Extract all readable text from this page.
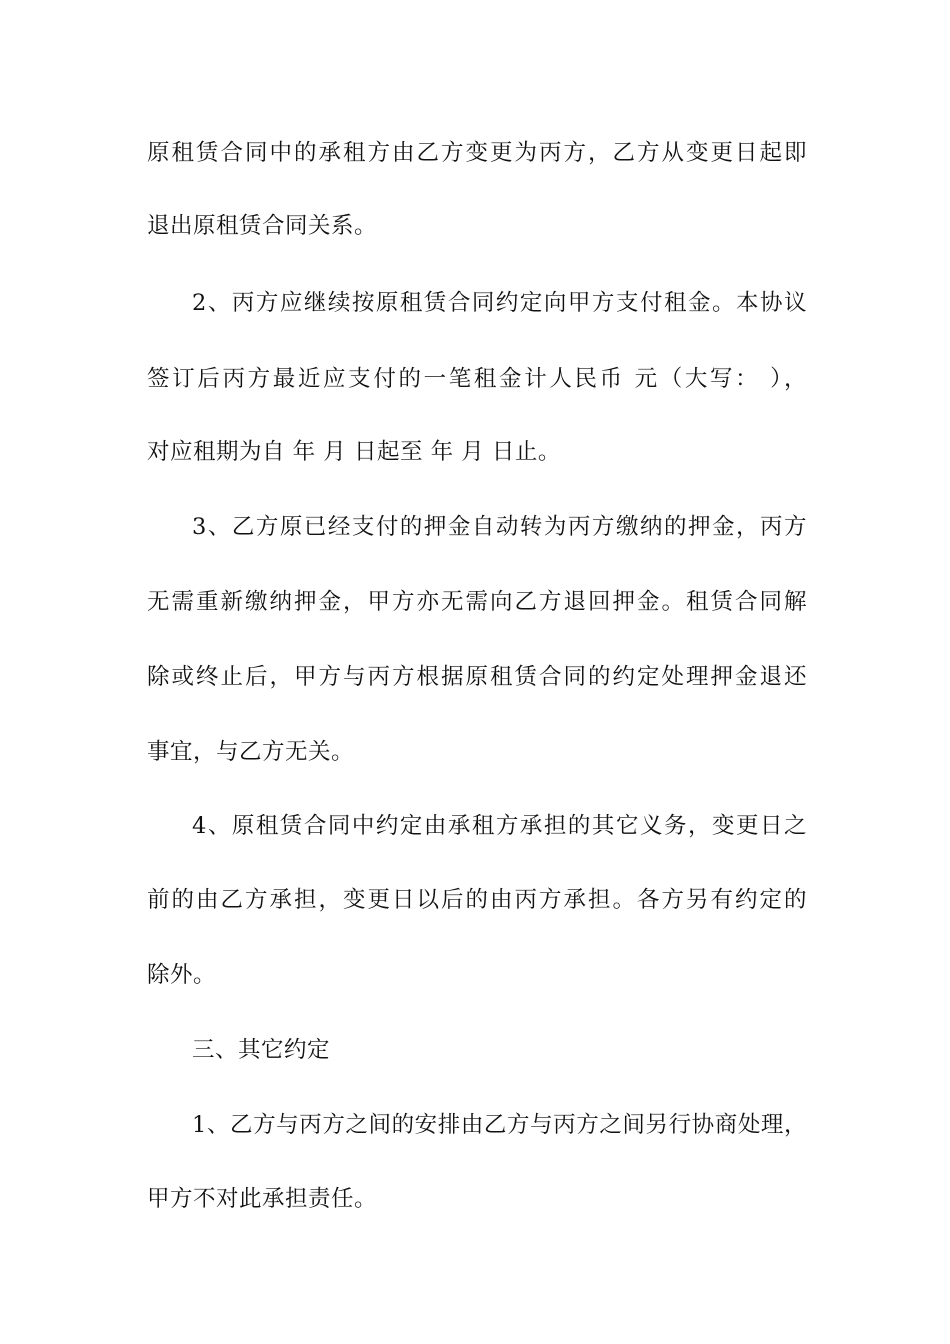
原租赁合同中的承租方由乙方变更为丙方，乙方从变更日起即
退出原租赁合同关系。
2、丙方应继续按原租赁合同约定向甲方支付租金。本协议
签订后丙方最近应支付的一笔租金计人民币 元（大写： ），
对应租期为自 年 月 日起至 年 月 日止。
3、乙方原已经支付的押金自动转为丙方缴纳的押金，丙方
无需重新缴纳押金，甲方亦无需向乙方退回押金。租赁合同解
除或终止后，甲方与丙方根据原租赁合同的约定处理押金退还
事宜，与乙方无关。
4、原租赁合同中约定由承租方承担的其它义务，变更日之
前的由乙方承担，变更日以后的由丙方承担。各方另有约定的
除外。
三、其它约定
1、乙方与丙方之间的安排由乙方与丙方之间另行协商处理，
甲方不对此承担责任。
